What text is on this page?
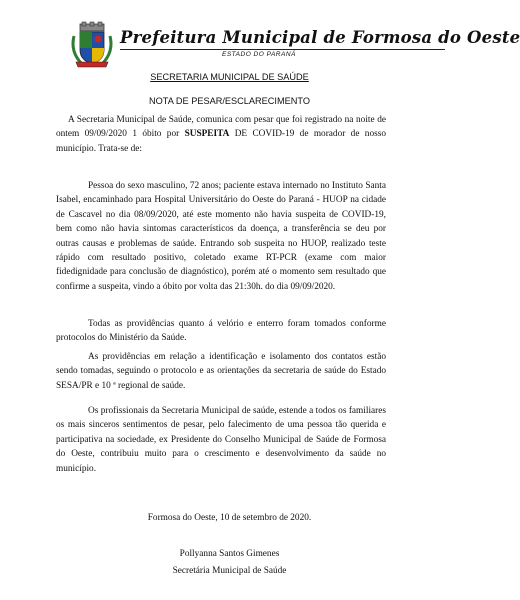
Prefeitura Municipal de Formosa do Oeste
ESTADO DO PARANÁ
SECRETARIA MUNICIPAL DE SAÚDE
NOTA DE PESAR/ESCLARECIMENTO

A Secretaria Municipal de Saúde, comunica com pesar que foi registrado na noite de ontem 09/09/2020 1 óbito por SUSPEITA DE COVID-19 de morador de nosso município. Trata-se de:

Pessoa do sexo masculino, 72 anos; paciente estava internado no Instituto Santa Isabel, encaminhado para Hospital Universitário do Oeste do Paraná - HUOP na cidade de Cascavel no dia 08/09/2020, até este momento não havia suspeita de COVID-19, bem como não havia sintomas característicos da doença, a transferência se deu por outras causas e problemas de saúde. Entrando sob suspeita no HUOP, realizado teste rápido com resultado positivo, coletado exame RT-PCR (exame com maior fidedignidade para conclusão de diagnóstico), porém até o momento sem resultado que confirme a suspeita, vindo a óbito por volta das 21:30h. do dia 09/09/2020.

Todas as providências quanto á velório e enterro foram tomados conforme protocolos do Ministério da Saúde.

As providências em relação a identificação e isolamento dos contatos estão sendo tomadas, seguindo o protocolo e as orientações da secretaria de saúde do Estado SESA/PR e 10 ª regional de saúde.

Os profissionais da Secretaria Municipal de saúde, estende a todos os familiares os mais sinceros sentimentos de pesar, pelo falecimento de uma pessoa tão querida e participativa na sociedade, ex Presidente do Conselho Municipal de Saúde de Formosa do Oeste, contribuiu muito para o crescimento e desenvolvimento da saúde no município.

Formosa do Oeste, 10 de setembro de 2020.
Pollyanna Santos Gimenes
Secretária Municipal de Saúde
